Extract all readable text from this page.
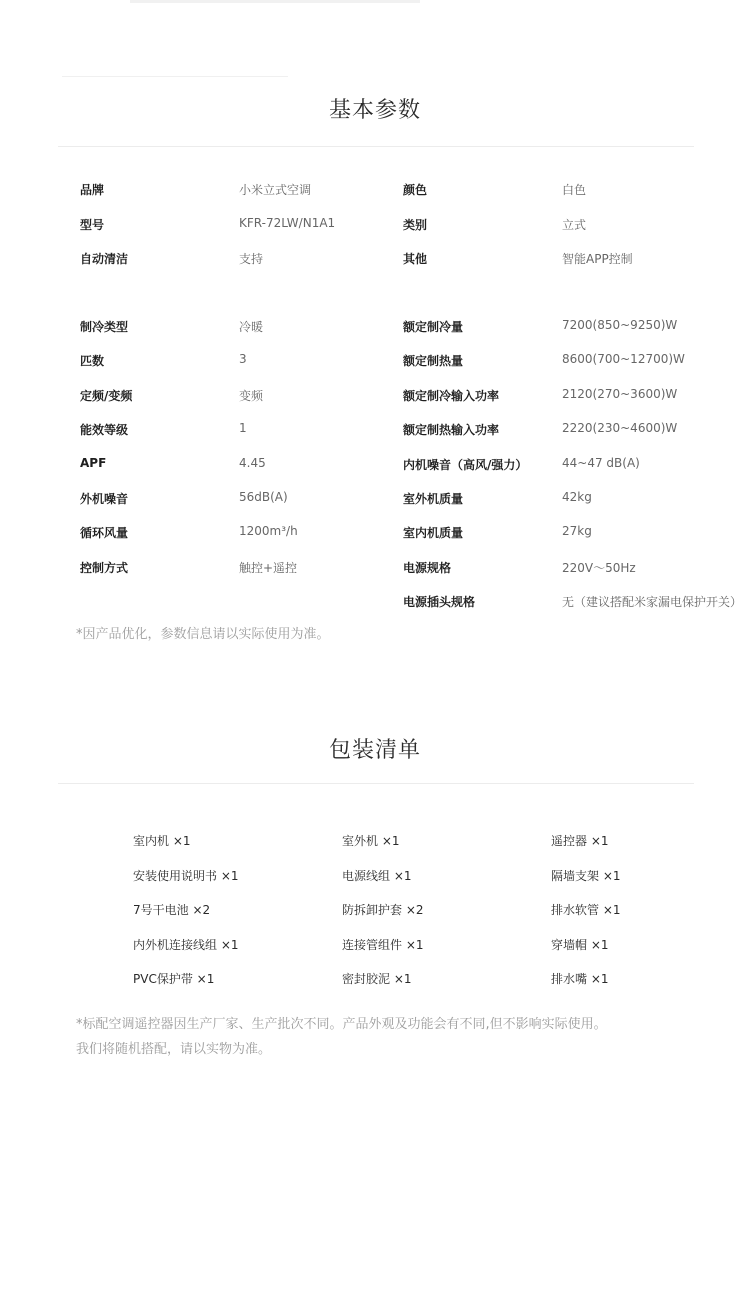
基本参数
品牌	小米立式空调	颜色	白色
型号	KFR-72LW/N1A1	类别	立式
自动清洁	支持	其他	智能APP控制
制冷类型	冷暖	额定制冷量	7200(850~9250)W
匹数	3	额定制热量	8600(700~12700)W
定频/变频	变频	额定制冷输入功率	2120(270~3600)W
能效等级	1	额定制热输入功率	2220(230~4600)W
APF	4.45	内机噪音（高风/强力）	44~47 dB(A)
外机噪音	56dB(A)	室外机质量	42kg
循环风量	1200m³/h	室内机质量	27kg
控制方式	触控+遥控	电源规格	220V～50Hz
电源插头规格	无（建议搭配米家漏电保护开关）
*因产品优化，参数信息请以实际使用为准。
包装清单
室内机 ×1	室外机 ×1	遥控器 ×1
安装使用说明书 ×1	电源线组 ×1	隔墙支架 ×1
7号干电池 ×2	防拆卸护套 ×2	排水软管 ×1
内外机连接线组 ×1	连接管组件 ×1	穿墙帽 ×1
PVC保护带 ×1	密封胶泥 ×1	排水嘴 ×1
*标配空调遥控器因生产厂家、生产批次不同。产品外观及功能会有不同,但不影响实际使用。
我们将随机搭配，请以实物为准。
